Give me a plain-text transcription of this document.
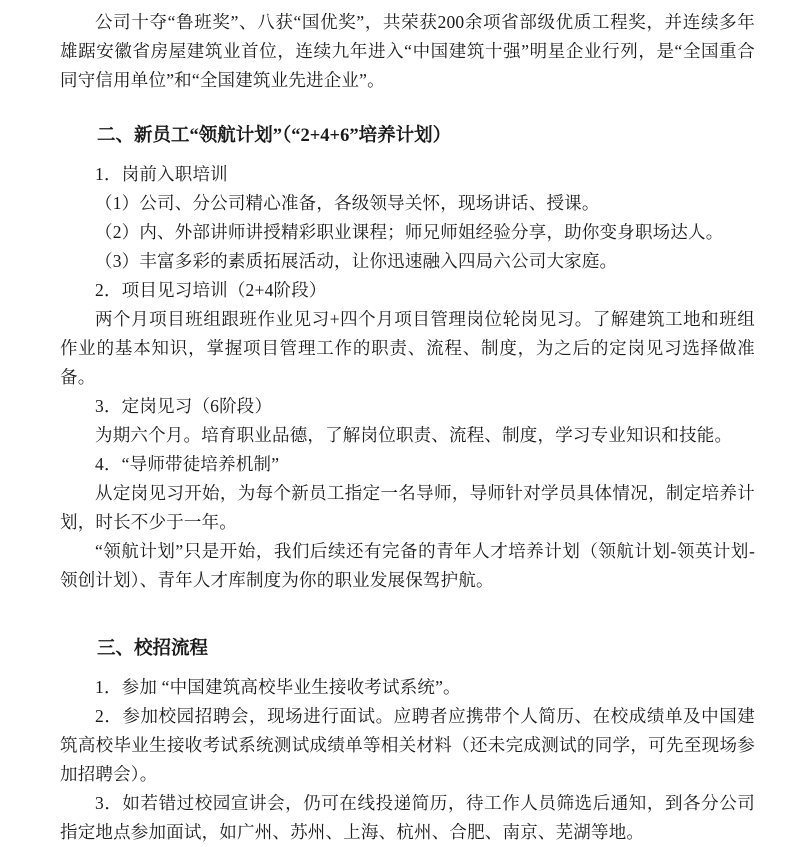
公司十夺“鲁班奖”、八获“国优奖”，共荣获200余项省部级优质工程奖，并连续多年雄踞安徽省房屋建筑业首位，连续九年进入“中国建筑十强”明星企业行列，是“全国重合同守信用单位”和“全国建筑业先进企业”。

二、新员工“领航计划”（“2+4+6”培养计划）

1．岗前入职培训

（1）公司、分公司精心准备，各级领导关怀，现场讲话、授课。

（2）内、外部讲师讲授精彩职业课程；师兄师姐经验分享，助你变身职场达人。

（3）丰富多彩的素质拓展活动，让你迅速融入四局六公司大家庭。

2．项目见习培训（2+4阶段）

两个月项目班组跟班作业见习+四个月项目管理岗位轮岗见习。了解建筑工地和班组作业的基本知识，掌握项目管理工作的职责、流程、制度，为之后的定岗见习选择做准备。

3．定岗见习（6阶段）

为期六个月。培育职业品德，了解岗位职责、流程、制度，学习专业知识和技能。

4．“导师带徒培养机制”

从定岗见习开始，为每个新员工指定一名导师，导师针对学员具体情况，制定培养计划，时长不少于一年。

“领航计划”只是开始，我们后续还有完备的青年人才培养计划（领航计划-领英计划-领创计划）、青年人才库制度为你的职业发展保驾护航。

三、校招流程

1．参加 “中国建筑高校毕业生接收考试系统”。

2．参加校园招聘会，现场进行面试。应聘者应携带个人简历、在校成绩单及中国建筑高校毕业生接收考试系统测试成绩单等相关材料（还未完成测试的同学，可先至现场参加招聘会）。

3．如若错过校园宣讲会，仍可在线投递简历，待工作人员筛选后通知，到各分公司指定地点参加面试，如广州、苏州、上海、杭州、合肥、南京、芜湖等地。
